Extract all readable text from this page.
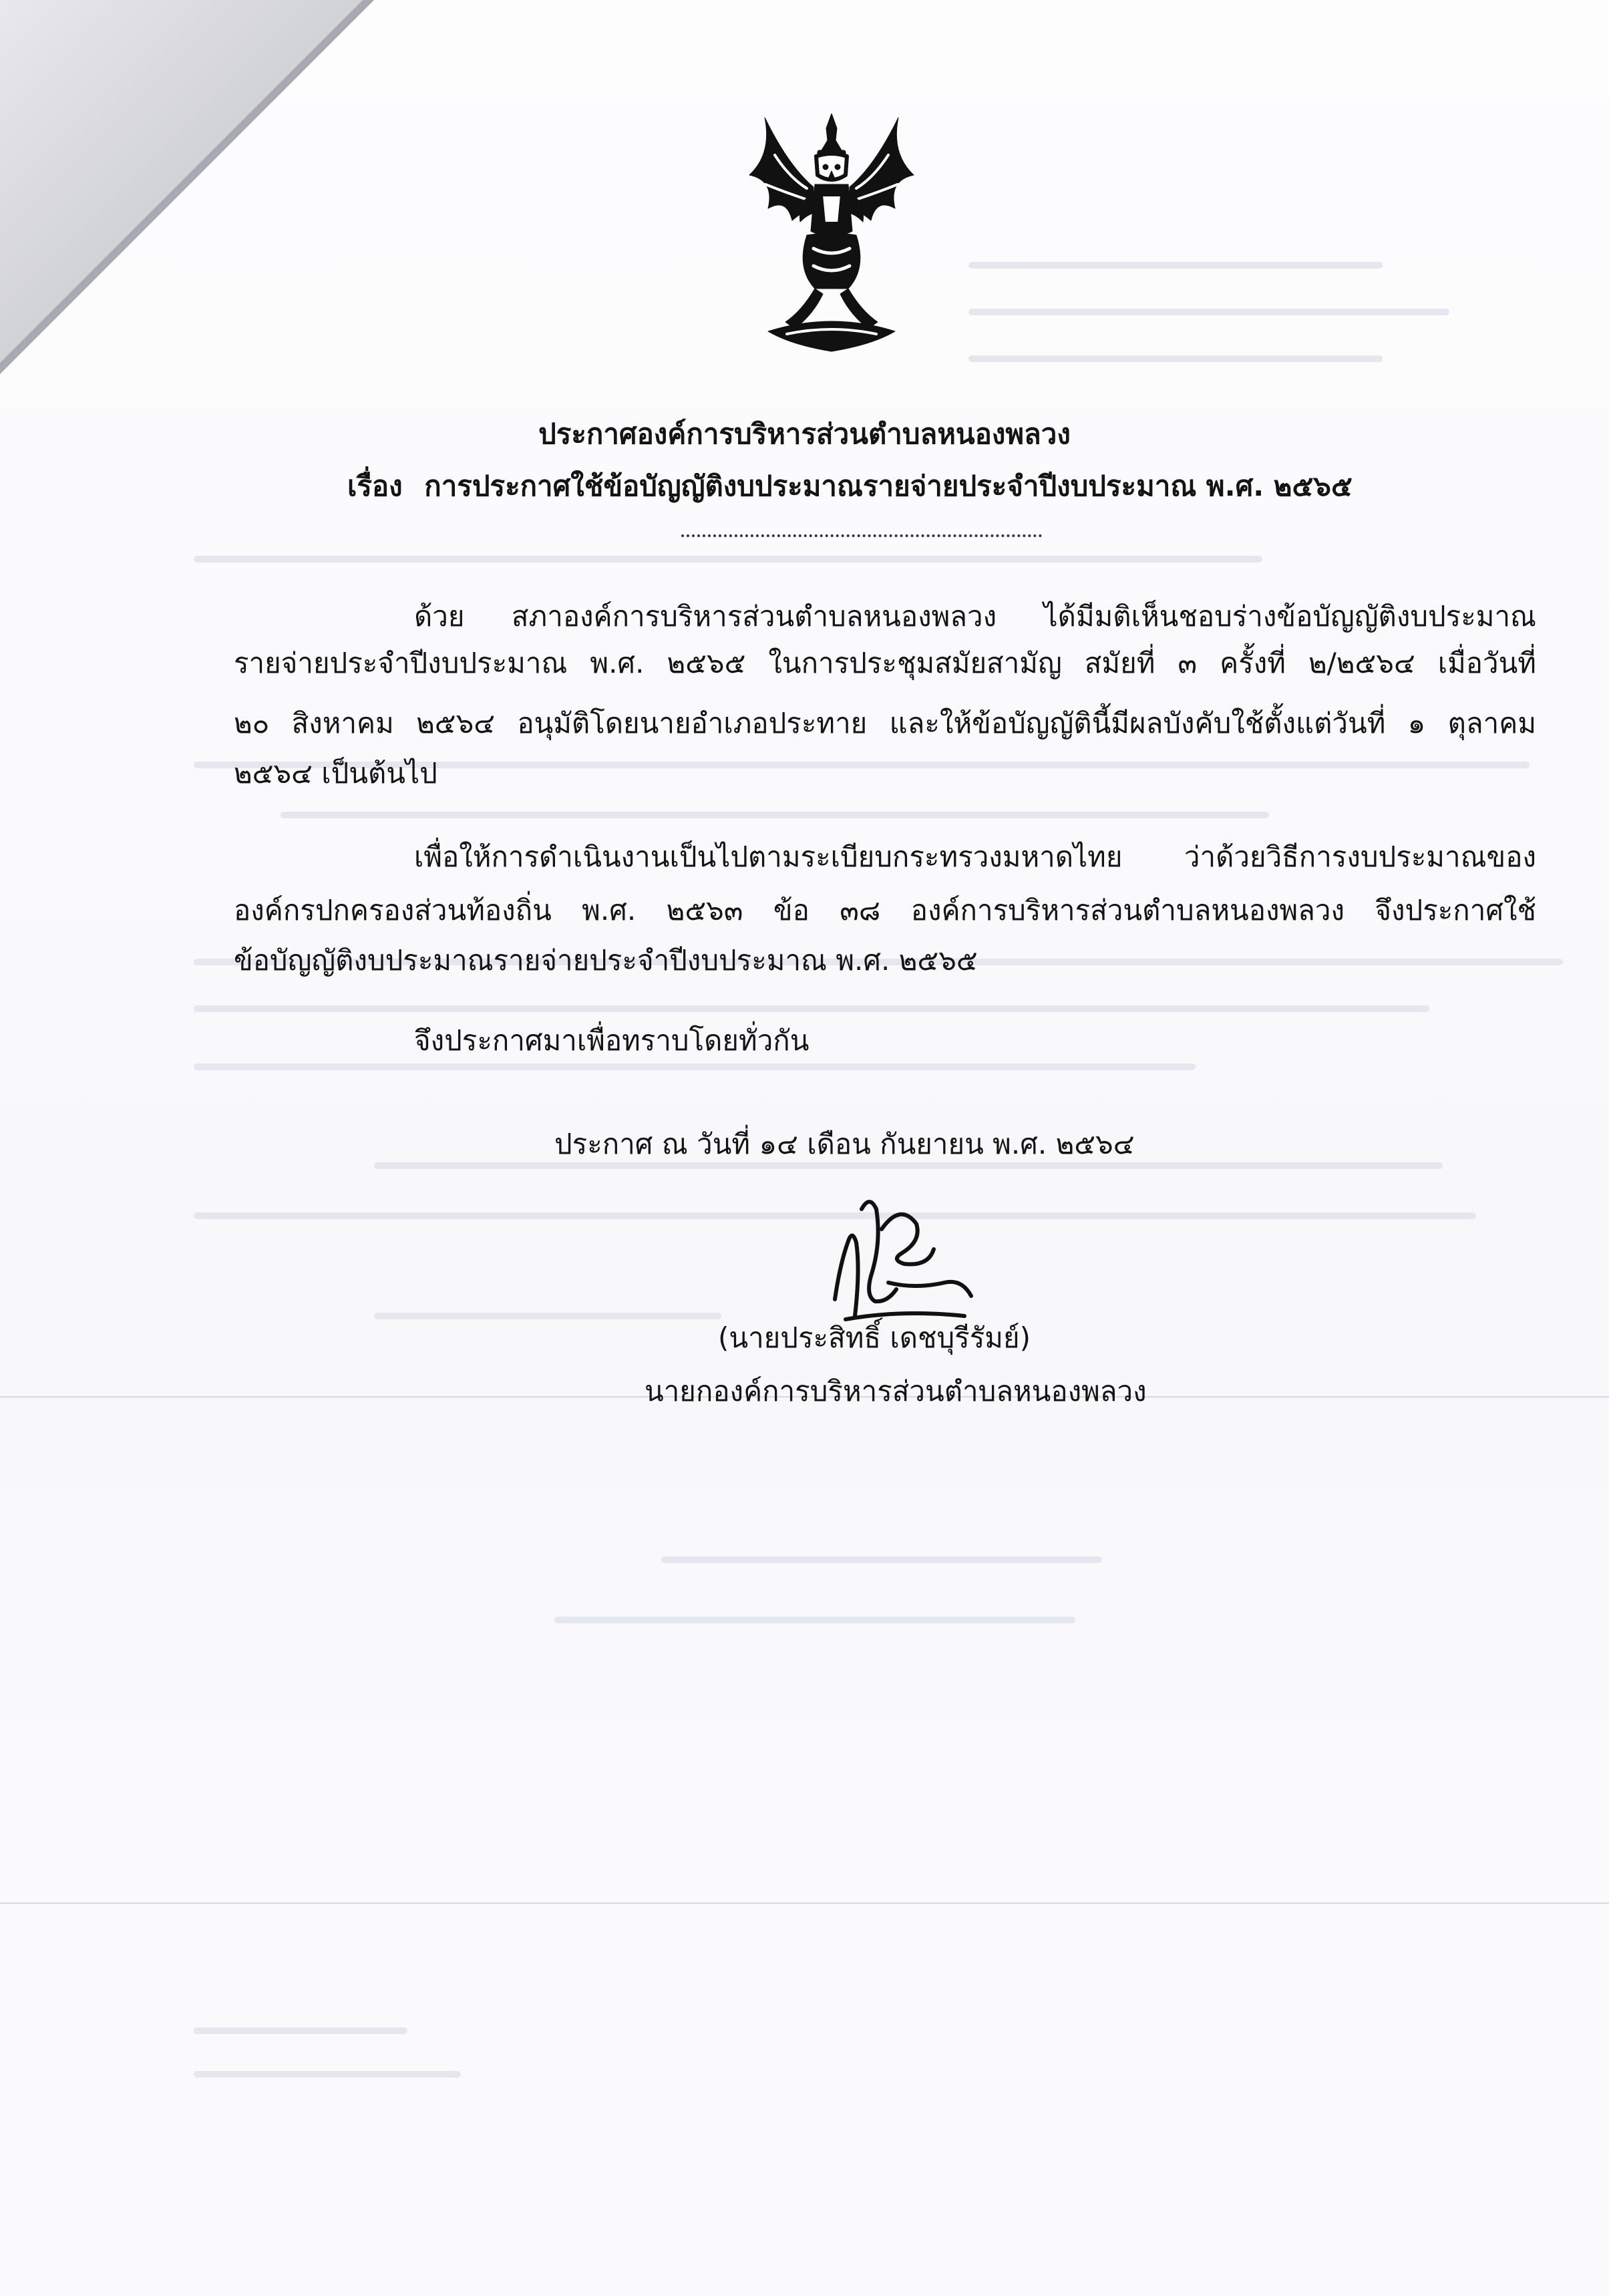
ประกาศองค์การบริหารส่วนตำบลหนองพลวง
เรื่อง การประกาศใช้ข้อบัญญัติงบประมาณรายจ่ายประจำปีงบประมาณ พ.ศ. ๒๕๖๕
ด้วย สภาองค์การบริหารส่วนตำบลหนองพลวง ได้มีมติเห็นชอบร่างข้อบัญญัติงบประมาณ
รายจ่ายประจำปีงบประมาณ พ.ศ. ๒๕๖๕ ในการประชุมสมัยสามัญ สมัยที่ ๓ ครั้งที่ ๒/๒๕๖๔ เมื่อวันที่
๒๐ สิงหาคม ๒๕๖๔ อนุมัติโดยนายอำเภอประทาย และให้ข้อบัญญัตินี้มีผลบังคับใช้ตั้งแต่วันที่ ๑ ตุลาคม
๒๕๖๔ เป็นต้นไป
เพื่อให้การดำเนินงานเป็นไปตามระเบียบกระทรวงมหาดไทย ว่าด้วยวิธีการงบประมาณของ
องค์กรปกครองส่วนท้องถิ่น พ.ศ. ๒๕๖๓ ข้อ ๓๘ องค์การบริหารส่วนตำบลหนองพลวง จึงประกาศใช้
ข้อบัญญัติงบประมาณรายจ่ายประจำปีงบประมาณ พ.ศ. ๒๕๖๕
จึงประกาศมาเพื่อทราบโดยทั่วกัน
ประกาศ ณ วันที่ ๑๔ เดือน กันยายน พ.ศ. ๒๕๖๔
(นายประสิทธิ์ เดชบุรีรัมย์)
นายกองค์การบริหารส่วนตำบลหนองพลวง
